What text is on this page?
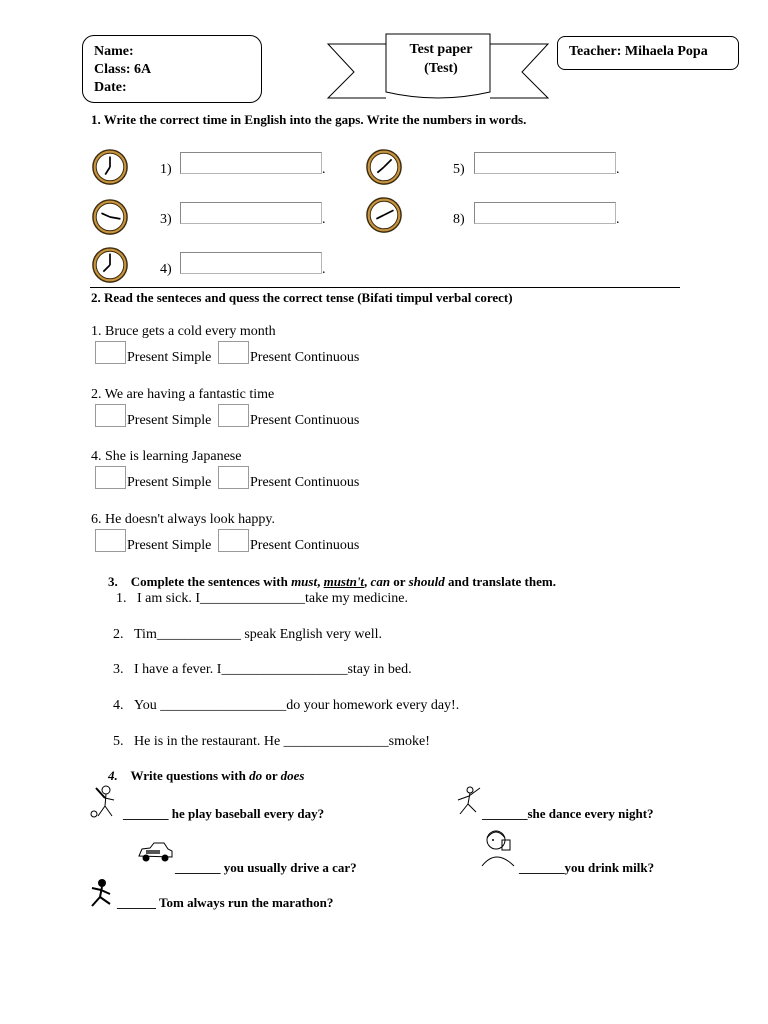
Name:
Class: 6A
Date:
Test paper
(Test)
Teacher: Mihaela Popa
1. Write the correct time in English into the gaps. Write the numbers in words.
1)	.	5)	.
3)	.	8)	.
4)	.
2. Read the senteces and quess the correct tense (Bifati timpul verbal corect)
1. Bruce gets a cold every month
Present Simple	Present Continuous
2. We are having a fantastic time
Present Simple	Present Continuous
4. She is learning Japanese
Present Simple	Present Continuous
6. He doesn't always look happy.
Present Simple	Present Continuous
3. Complete the sentences with must, mustn't, can or should and translate them.
1. I am sick. I_______________take my medicine.
2. Tim____________ speak English very well.
3. I have a fever. I__________________stay in bed.
4. You __________________do your homework every day!.
5. He is in the restaurant. He _______________smoke!
4. Write questions with do or does
_______ he play baseball every day?	_______she dance every night?
_______ you usually drive a car?	_______you drink milk?
______ Tom always run the marathon?
